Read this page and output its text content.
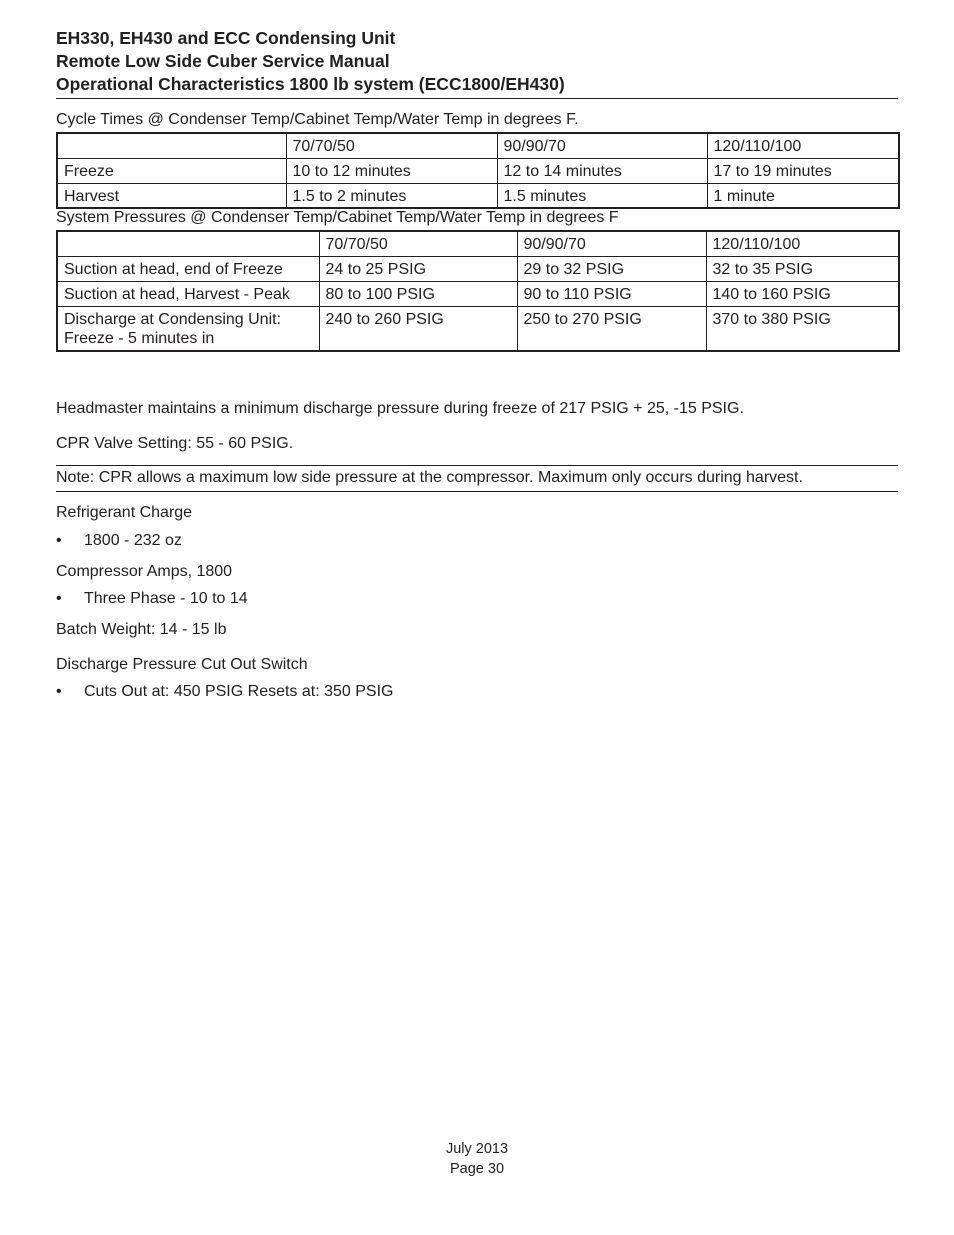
EH330, EH430 and ECC Condensing Unit
Remote Low Side Cuber Service Manual
Operational Characteristics 1800 lb system (ECC1800/EH430)
Cycle Times @ Condenser Temp/Cabinet Temp/Water Temp in degrees F.
	70/70/50	90/90/70	120/110/100
Freeze	10 to 12 minutes	12 to 14 minutes	17 to 19 minutes
Harvest	1.5 to 2 minutes	1.5 minutes	1 minute
System Pressures @ Condenser Temp/Cabinet Temp/Water Temp in degrees F
	70/70/50	90/90/70	120/110/100
Suction at head, end of Freeze	24 to 25 PSIG	29 to 32 PSIG	32 to 35 PSIG
Suction at head, Harvest - Peak	80 to 100 PSIG	90 to 110 PSIG	140 to 160 PSIG
Discharge at Condensing Unit: Freeze - 5 minutes in	240 to 260 PSIG	250 to 270 PSIG	370 to 380 PSIG
Headmaster maintains a minimum discharge pressure during freeze of 217 PSIG + 25, -15 PSIG.
CPR Valve Setting: 55 - 60 PSIG.
Note: CPR allows a maximum low side pressure at the compressor. Maximum only occurs during harvest.
Refrigerant Charge
• 1800 - 232 oz
Compressor Amps, 1800
• Three Phase - 10 to 14
Batch Weight: 14 - 15 lb
Discharge Pressure Cut Out Switch
• Cuts Out at: 450 PSIG Resets at: 350 PSIG
July 2013
Page 30
